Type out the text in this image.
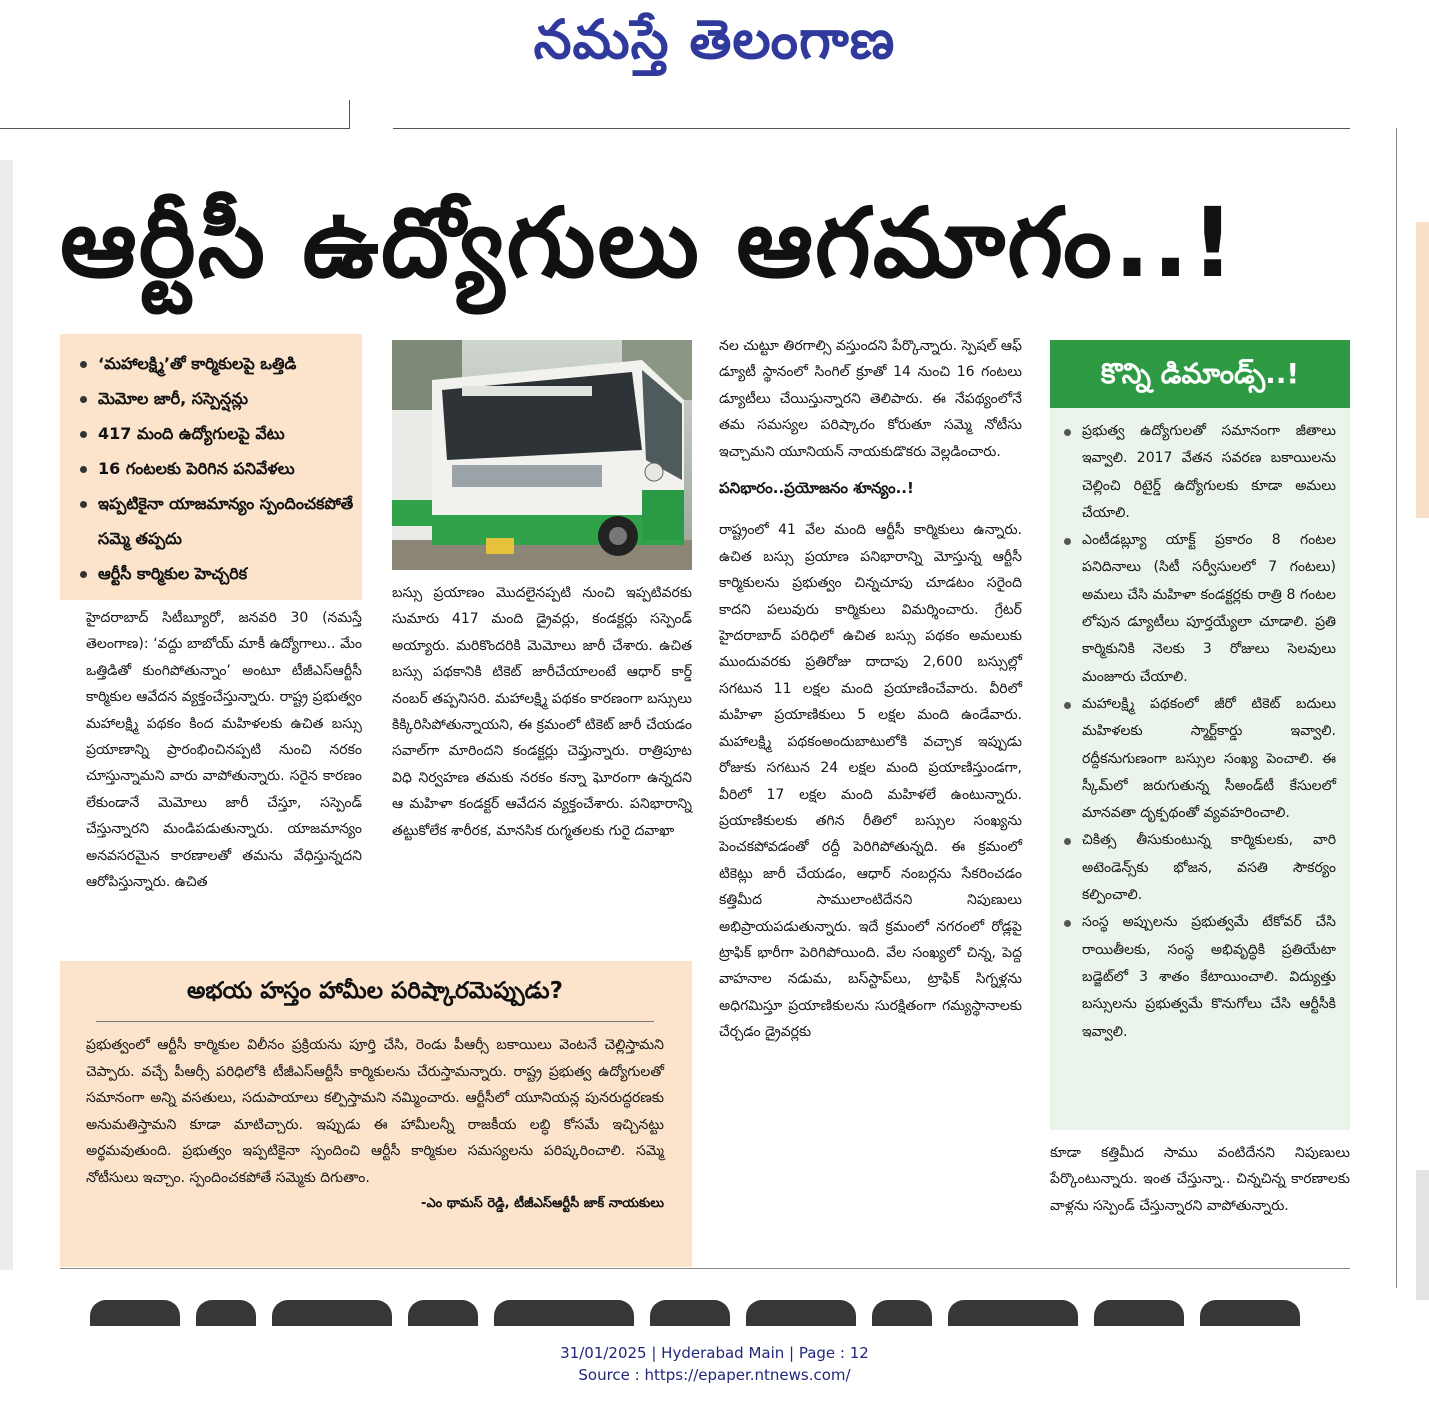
నమస్తే తెలంగాణ
ఆర్టీసీ ఉద్యోగులు ఆగమాగం..!
‘మహాలక్ష్మి’తో కార్మికులపై ఒత్తిడి
మెమోల జారీ, సస్పెన్షన్లు
417 మంది ఉద్యోగులపై వేటు
16 గంటలకు పెరిగిన పనివేళలు
ఇప్పటికైనా యాజమాన్యం స్పందించకపోతే సమ్మె తప్పదు
ఆర్టీసీ కార్మికుల హెచ్చరిక

హైదరాబాద్ సిటీబ్యూరో, జనవరి 30 (నమస్తే తెలంగాణ): ‘వద్దు బాబోయ్ మాకీ ఉద్యోగాలు.. మేం ఒత్తిడితో కుంగిపోతున్నాం’ అంటూ టీజీఎస్ఆర్టీసీ కార్మికుల ఆవేదన వ్యక్తంచేస్తున్నారు. రాష్ట్ర ప్రభుత్వం మహాలక్ష్మి పథకం కింద మహిళలకు ఉచిత బస్సు ప్రయాణాన్ని ప్రారంభించినప్పటి నుంచి నరకం చూస్తున్నామని వారు వాపోతున్నారు. సరైన కారణం లేకుండానే మెమోలు జారీ చేస్తూ, సస్పెండ్ చేస్తున్నారని మండిపడుతున్నారు. యాజమాన్యం అనవసరమైన కారణాలతో తమను వేధిస్తున్నదని ఆరోపిస్తున్నారు. ఉచిత

బస్సు ప్రయాణం మొదలైనప్పటి నుంచి ఇప్పటివరకు సుమారు 417 మంది డ్రైవర్లు, కండక్టర్లు సస్పెండ్ అయ్యారు. మరికొందరికి మెమోలు జారీ చేశారు. ఉచిత బస్సు పథకానికి టికెట్ జారీచేయాలంటే ఆధార్ కార్డ్ నంబర్ తప్పనిసరి. మహాలక్ష్మి పథకం కారణంగా బస్సులు కిక్కిరిసిపోతున్నాయని, ఈ క్రమంలో టికెట్ జారీ చేయడం సవాల్‌గా మారిందని కండక్టర్లు చెప్తున్నారు. రాత్రిపూట విధి నిర్వహణ తమకు నరకం కన్నా ఘోరంగా ఉన్నదని ఆ మహిళా కండక్టర్ ఆవేదన వ్యక్తంచేశారు. పనిభారాన్ని తట్టుకోలేక శారీరక, మానసిక రుగ్మతలకు గురై దవాఖా

నల చుట్టూ తిరగాల్సి వస్తుందని పేర్కొన్నారు. స్పెషల్ ఆఫ్ డ్యూటీ స్థానంలో సింగిల్ క్రూతో 14 నుంచి 16 గంటలు డ్యూటీలు చేయిస్తున్నారని తెలిపారు. ఈ నేపథ్యంలోనే తమ సమస్యల పరిష్కారం కోరుతూ సమ్మె నోటీసు ఇచ్చామని యూనియన్ నాయకుడొకరు వెల్లడించారు.

పనిభారం..ప్రయోజనం శూన్యం..!

రాష్ట్రంలో 41 వేల మంది ఆర్టీసీ కార్మికులు ఉన్నారు. ఉచిత బస్సు ప్రయాణ పనిభారాన్ని మోస్తున్న ఆర్టీసీ కార్మికులను ప్రభుత్వం చిన్నచూపు చూడటం సరైంది కాదని పలువురు కార్మికులు విమర్శించారు. గ్రేటర్ హైదరాబాద్ పరిధిలో ఉచిత బస్సు పథకం అమలుకు ముందువరకు ప్రతిరోజు దాదాపు 2,600 బస్సుల్లో సగటున 11 లక్షల మంది ప్రయాణించేవారు. వీరిలో మహిళా ప్రయాణికులు 5 లక్షల మంది ఉండేవారు. మహాలక్ష్మి పథకంఅందుబాటులోకి వచ్చాక ఇప్పుడు రోజుకు సగటున 24 లక్షల మంది ప్రయాణిస్తుండగా, వీరిలో 17 లక్షల మంది మహిళలే ఉంటున్నారు. ప్రయాణికులకు తగిన రీతిలో బస్సుల సంఖ్యను పెంచకపోవడంతో రద్దీ పెరిగిపోతున్నది. ఈ క్రమంలో టికెట్లు జారీ చేయడం, ఆధార్ నంబర్లను సేకరించడం కత్తిమీద సాములాంటిదేనని నిపుణులు అభిప్రాయపడుతున్నారు. ఇదే క్రమంలో నగరంలో రోడ్లపై ట్రాఫిక్ భారీగా పెరిగిపోయింది. వేల సంఖ్యలో చిన్న, పెద్ద వాహనాల నడుమ, బస్‌స్టాప్‌లు, ట్రాఫిక్ సిగ్నళ్లను అధిగమిస్తూ ప్రయాణికులను సురక్షితంగా గమ్యస్థానాలకు చేర్చడం డ్రైవర్లకు

కొన్ని డిమాండ్స్..!
ప్రభుత్వ ఉద్యోగులతో సమానంగా జీతాలు ఇవ్వాలి. 2017 వేతన సవరణ బకాయిలను చెల్లించి రిటైర్డ్ ఉద్యోగులకు కూడా అమలు చేయాలి.
ఎంటీడబ్ల్యూ యాక్ట్ ప్రకారం 8 గంటల పనిదినాలు (సిటీ సర్వీసులలో 7 గంటలు) అమలు చేసి మహిళా కండక్టర్లకు రాత్రి 8 గంటల లోపున డ్యూటీలు పూర్తయ్యేలా చూడాలి. ప్రతి కార్మికునికి నెలకు 3 రోజులు సెలవులు మంజూరు చేయాలి.
మహాలక్ష్మి పథకంలో జీరో టికెట్ బదులు మహిళలకు స్మార్ట్‌కార్డు ఇవ్వాలి. రద్దీకనుగుణంగా బస్సుల సంఖ్య పెంచాలి. ఈ స్కీమ్‌లో జరుగుతున్న సీఅండ్‌టీ కేసులలో మానవతా దృక్పథంతో వ్యవహరించాలి.
చికిత్స తీసుకుంటున్న కార్మికులకు, వారి అటెండెన్స్‌కు భోజన, వసతి సౌకర్యం కల్పించాలి.
సంస్థ అప్పులను ప్రభుత్వమే టేకోవర్ చేసి రాయితీలకు, సంస్థ అభివృద్ధికి ప్రతియేటా బడ్జెట్‌లో 3 శాతం కేటాయించాలి. విద్యుత్తు బస్సులను ప్రభుత్వమే కొనుగోలు చేసి ఆర్టీసీకి ఇవ్వాలి.

కూడా కత్తిమీద సాము వంటిదేనని నిపుణులు పేర్కొంటున్నారు. ఇంత చేస్తున్నా.. చిన్నచిన్న కారణాలకు వాళ్లను సస్పెండ్ చేస్తున్నారని వాపోతున్నారు.

అభయ హస్తం హామీల పరిష్కారమెప్పుడు?
ప్రభుత్వంలో ఆర్టీసీ కార్మికుల విలీనం ప్రక్రియను పూర్తి చేసి, రెండు పీఆర్సీ బకాయిలు వెంటనే చెల్లిస్తామని చెప్పారు. వచ్చే పీఆర్సీ పరిధిలోకి టీజీఎస్ఆర్టీసీ కార్మికులను చేరుస్తామన్నారు. రాష్ట్ర ప్రభుత్వ ఉద్యోగులతో సమానంగా అన్ని వసతులు, సదుపాయాలు కల్పిస్తామని నమ్మించారు. ఆర్టీసీలో యూనియన్ల పునరుద్ధరణకు అనుమతిస్తామని కూడా మాటిచ్చారు. ఇప్పుడు ఈ హామీలన్నీ రాజకీయ లబ్ధి కోసమే ఇచ్చినట్టు అర్థమవుతుంది. ప్రభుత్వం ఇప్పటికైనా స్పందించి ఆర్టీసీ కార్మికుల సమస్యలను పరిష్కరించాలి. సమ్మె నోటీసులు ఇచ్చాం. స్పందించకపోతే సమ్మెకు దిగుతాం.
-ఎం థామస్ రెడ్డి, టీజీఎస్ఆర్టీసీ జాక్ నాయకులు
31/01/2025 | Hyderabad Main | Page : 12
Source : https://epaper.ntnews.com/
